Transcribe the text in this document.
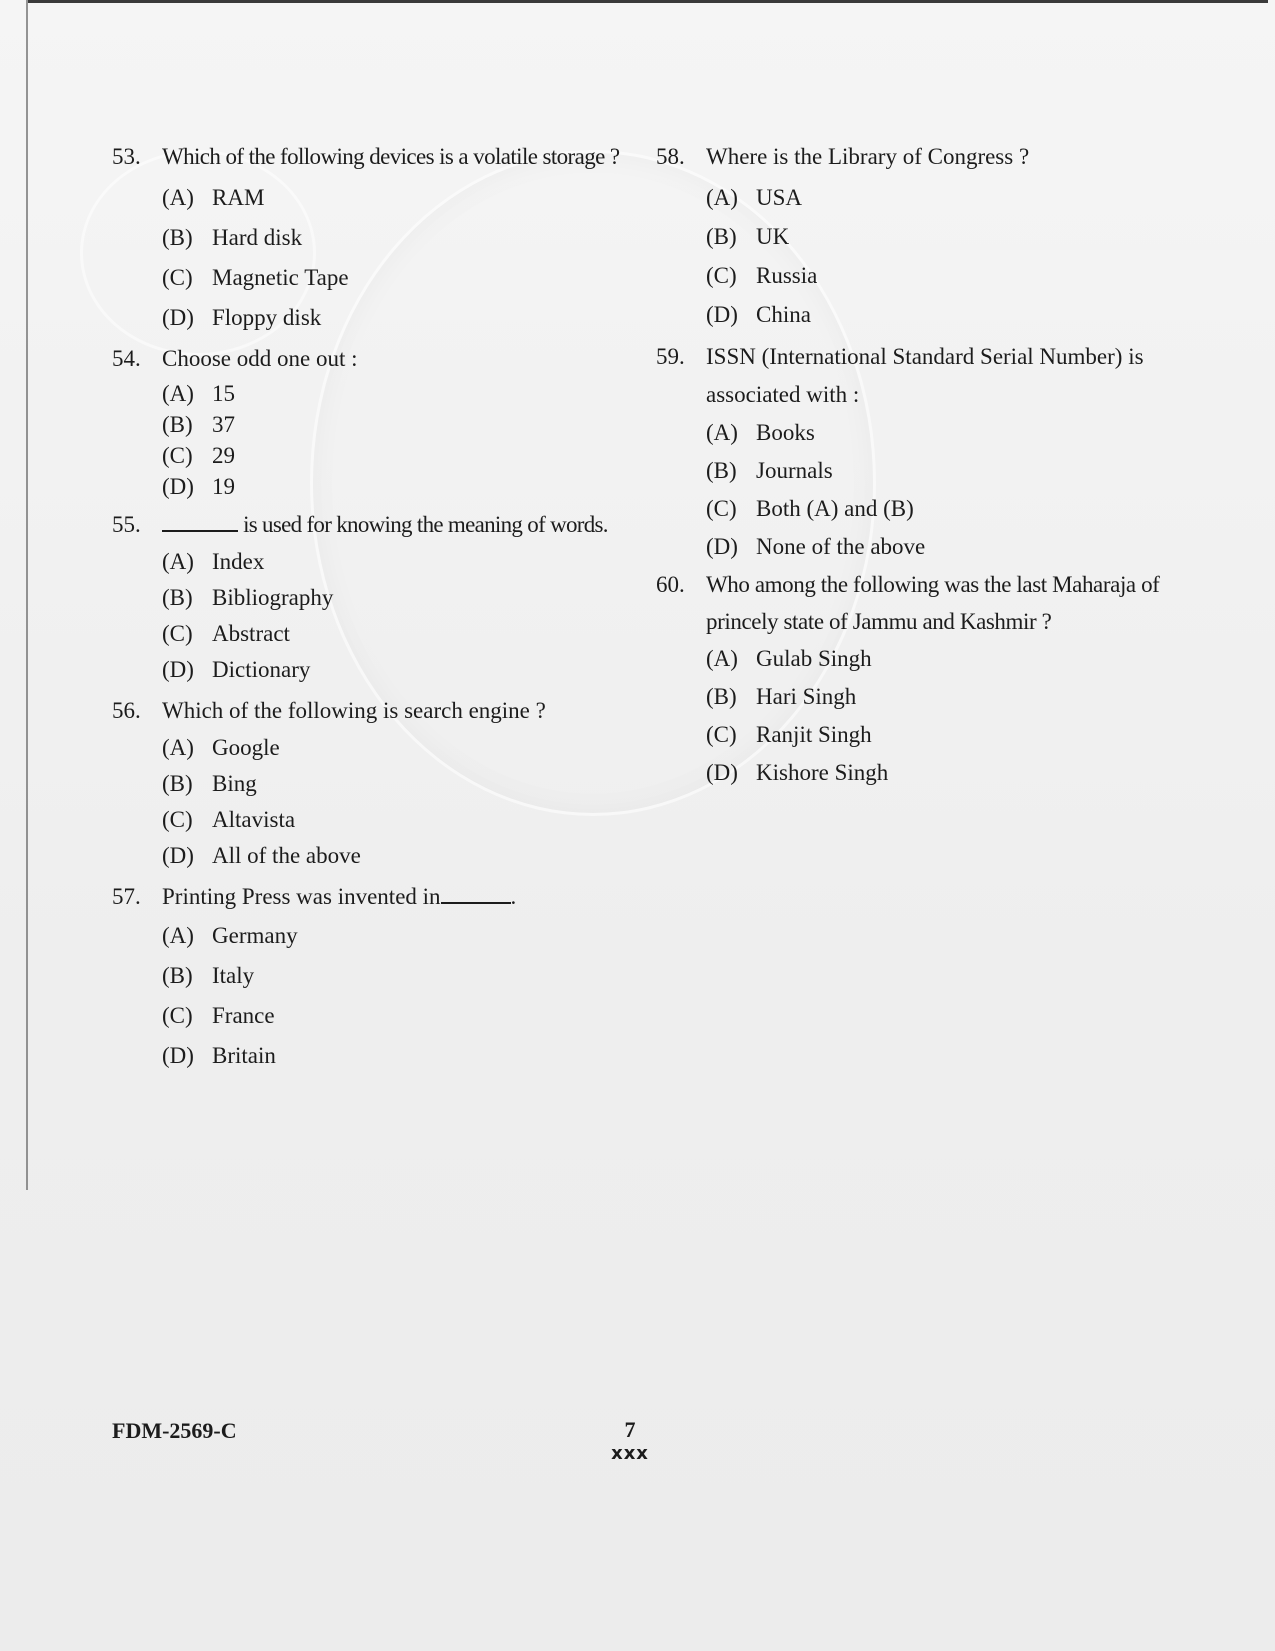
53. Which of the following devices is a volatile storage ?
(A) RAM
(B) Hard disk
(C) Magnetic Tape
(D) Floppy disk
54. Choose odd one out :
(A) 15
(B) 37
(C) 29
(D) 19
55.	is used for knowing the meaning of words.
(A) Index
(B) Bibliography
(C) Abstract
(D) Dictionary
56. Which of the following is search engine ?
(A) Google
(B) Bing
(C) Altavista
(D) All of the above
57. Printing Press was invented in	.
(A) Germany
(B) Italy
(C) France
(D) Britain
58. Where is the Library of Congress ?
(A) USA
(B) UK
(C) Russia
(D) China
59. ISSN (International Standard Serial Number) is associated with :
(A) Books
(B) Journals
(C) Both (A) and (B)
(D) None of the above
60. Who among the following was the last Maharaja of princely state of Jammu and Kashmir ?
(A) Gulab Singh
(B) Hari Singh
(C) Ranjit Singh
(D) Kishore Singh
FDM-2569-C	7
xxx
